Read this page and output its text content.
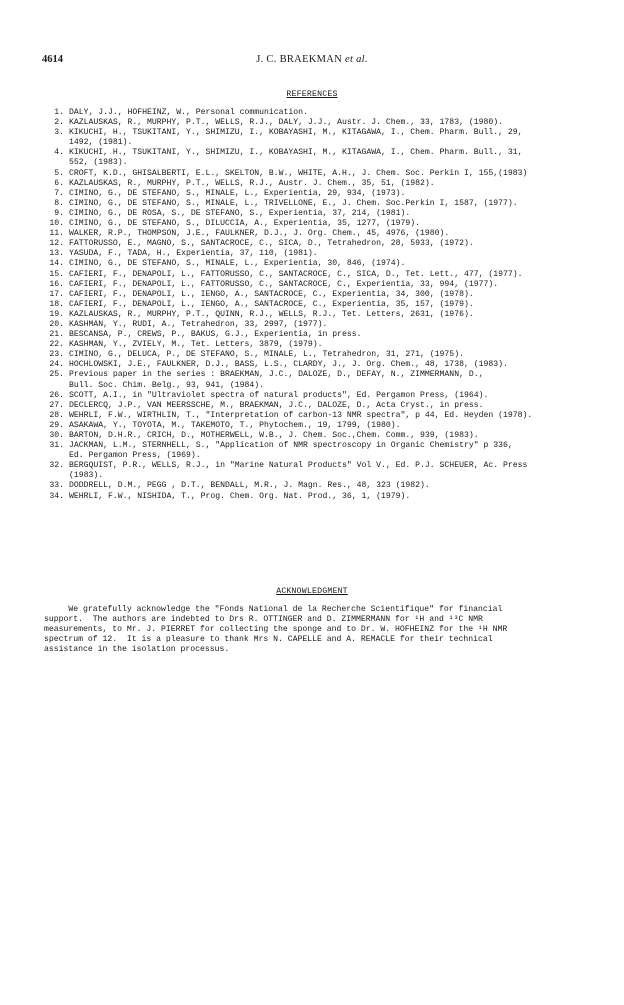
4614	J. C. BRAEKMAN et al.
REFERENCES
1. DALY, J.J., HOFHEINZ, W., Personal communication.
2. KAZLAUSKAS, R., MURPHY, P.T., WELLS, R.J., DALY, J.J., Austr. J. Chem., 33, 1783, (1980).
3. KIKUCHI, H., TSUKITANI, Y., SHIMIZU, I., KOBAYASHI, M., KITAGAWA, I., Chem. Pharm. Bull., 29,
1492, (1981).
4. KIKUCHI, H., TSUKITANI, Y., SHIMIZU, I., KOBAYASHI, M., KITAGAWA, I., Chem. Pharm. Bull., 31,
552, (1983).
5. CROFT, K.D., GHISALBERTI, E.L., SKELTON, B.W., WHITE, A.H., J. Chem. Soc. Perkin I, 155,(1983)
6. KAZLAUSKAS, R., MURPHY, P.T., WELLS, R.J., Austr. J. Chem., 35, 51, (1982).
7. CIMINO, G., DE STEFANO, S., MINALE, L., Experientia, 29, 934, (1973).
8. CIMINO, G., DE STEFANO, S., MINALE, L., TRIVELLONE, E., J. Chem. Soc.Perkin I, 1587, (1977).
9. CIMINO, G., DE ROSA, S., DE STEFANO, S., Experientia, 37, 214, (1981).
10. CIMINO, G., DE STEFANO, S., DILUCCIA, A., Experientia, 35, 1277, (1979).
11. WALKER, R.P., THOMPSON, J.E., FAULKNER, D.J., J. Org. Chem., 45, 4976, (1980).
12. FATTORUSSO, E., MAGNO, S., SANTACROCE, C., SICA, D., Tetrahedron, 28, 5933, (1972).
13. YASUDA, F., TADA, H., Experientia, 37, 110, (1981).
14. CIMINO, G., DE STEFANO, S., MINALE, L., Experientia, 30, 846, (1974).
15. CAFIERI, F., DENAPOLI, L., FATTORUSSO, C., SANTACROCE, C., SICA, D., Tet. Lett., 477, (1977).
16. CAFIERI, F., DENAPOLI, L., FATTORUSSO, C., SANTACROCE, C., Experientia, 33, 994, (1977).
17. CAFIERI, F., DENAPOLI, L., IENGO, A., SANTACROCE, C., Experientia, 34, 300, (1978).
18. CAFIERI, F., DENAPOLI, L., IENGO, A., SANTACROCE, C., Experientia, 35, 157, (1979).
19. KAZLAUSKAS, R., MURPHY, P.T., QUINN, R.J., WELLS, R.J., Tet. Letters, 2631, (1976).
20. KASHMAN, Y., RUDI, A., Tetrahedron, 33, 2997, (1977).
21. BESCANSA, P., CREWS, P., BAKUS, G.J., Experientia, in press.
22. KASHMAN, Y., ZVIELY, M., Tet. Letters, 3879, (1979).
23. CIMINO, G., DELUCA, P., DE STEFANO, S., MINALE, L., Tetrahedron, 31, 271, (1975).
24. HOCHLOWSKI, J.E., FAULKNER, D.J., BASS, L.S., CLARDY, J., J. Org. Chem., 48, 1738, (1983).
25. Previous paper in the series : BRAEKMAN, J.C., DALOZE, D., DEFAY, N., ZIMMERMANN, D.,
Bull. Soc. Chim. Belg., 93, 941, (1984).
26. SCOTT, A.I., in "Ultraviolet spectra of natural products", Ed. Pergamon Press, (1964).
27. DECLERCQ, J.P., VAN MEERSSCHE, M., BRAEKMAN, J.C., DALOZE, D., Acta Cryst., in press.
28. WEHRLI, F.W., WIRTHLIN, T., "Interpretation of carbon-13 NMR spectra", p 44, Ed. Heyden (1978).
29. ASAKAWA, Y., TOYOTA, M., TAKEMOTO, T., Phytochem., 19, 1799, (1980).
30. BARTON, D.H.R., CRICH, D., MOTHERWELL, W.B., J. Chem. Soc.,Chem. Comm., 939, (1983).
31. JACKMAN, L.M., STERNHELL, S., "Application of NMR spectroscopy in Organic Chemistry" p 336,
Ed. Pergamon Press, (1969).
32. BERGQUIST, P.R., WELLS, R.J., in "Marine Natural Products" Vol V., Ed. P.J. SCHEUER, Ac. Press
(1983).
33. DODDRELL, D.M., PEGG , D.T., BENDALL, M.R., J. Magn. Res., 48, 323 (1982).
34. WEHRLI, F.W., NISHIDA, T., Prog. Chem. Org. Nat. Prod., 36, 1, (1979).
ACKNOWLEDGMENT
We gratefully acknowledge the "Fonds National de la Recherche Scientifique" for financial
support.  The authors are indebted to Drs R. OTTINGER and D. ZIMMERMANN for ¹H and ¹³C NMR
measurements, to Mr. J. PIERRET for collecting the sponge and to Dr. W. HOFHEINZ for the ¹H NMR
spectrum of 12.  It is a pleasure to thank Mrs N. CAPELLE and A. REMACLE for their technical
assistance in the isolation processus.
